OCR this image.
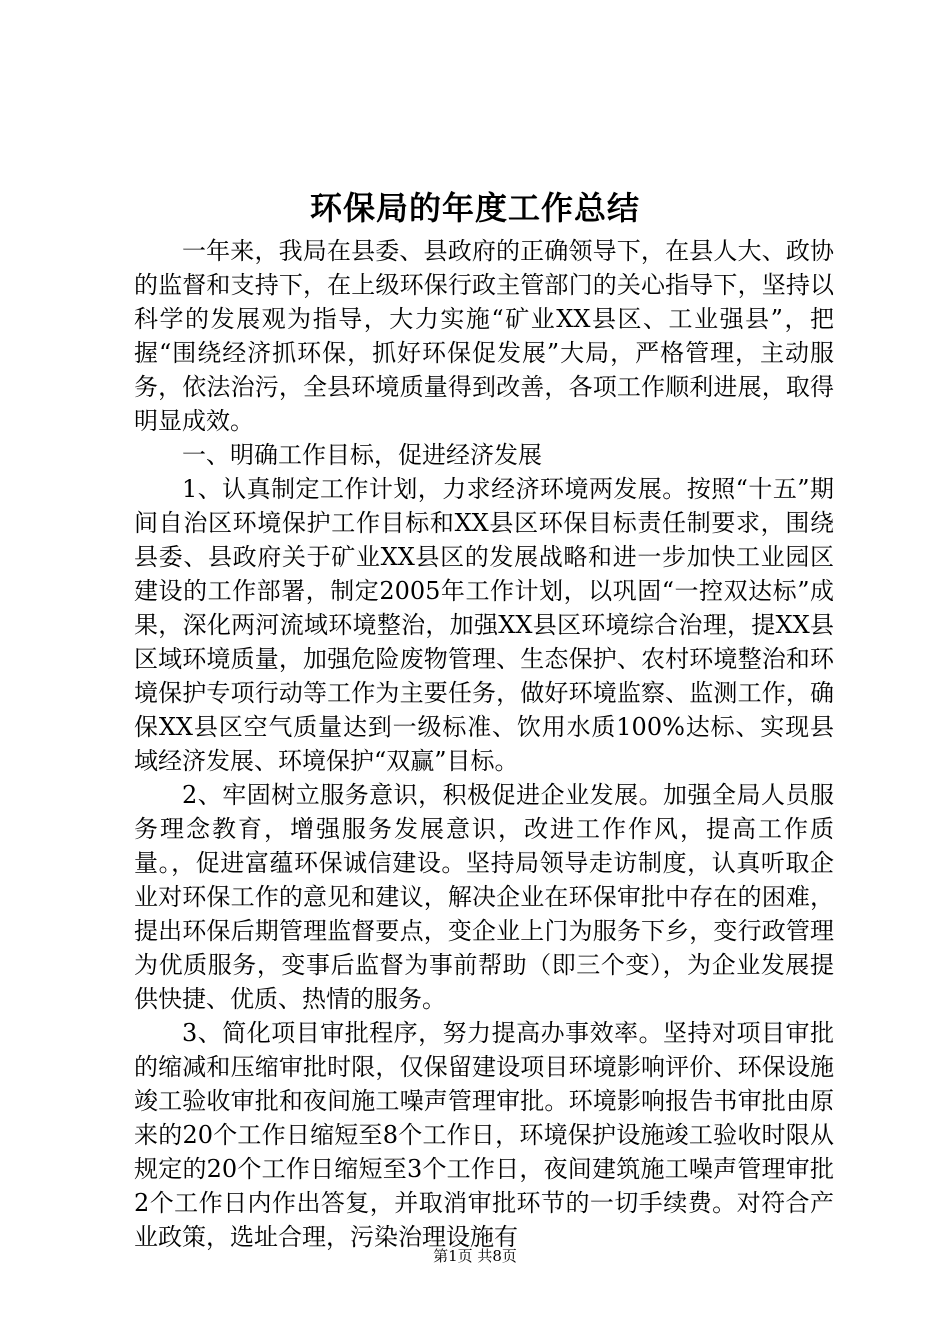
环保局的年度工作总结

一年来，我局在县委、县政府的正确领导下，在县人大、政协的监督和支持下，在上级环保行政主管部门的关心指导下，坚持以科学的发展观为指导，大力实施“矿业XX县区、工业强县”，把握“围绕经济抓环保，抓好环保促发展”大局，严格管理，主动服务，依法治污，全县环境质量得到改善，各项工作顺利进展，取得明显成效。

一、明确工作目标，促进经济发展

1、认真制定工作计划，力求经济环境两发展。按照“十五”期间自治区环境保护工作目标和XX县区环保目标责任制要求，围绕县委、县政府关于矿业XX县区的发展战略和进一步加快工业园区建设的工作部署，制定2005年工作计划，以巩固“一控双达标”成果，深化两河流域环境整治，加强XX县区环境综合治理，提XX县区域环境质量，加强危险废物管理、生态保护、农村环境整治和环境保护专项行动等工作为主要任务，做好环境监察、监测工作，确保XX县区空气质量达到一级标准、饮用水质100%达标、实现县域经济发展、环境保护“双赢”目标。

2、牢固树立服务意识，积极促进企业发展。加强全局人员服务理念教育，增强服务发展意识，改进工作作风，提高工作质量。，促进富蕴环保诚信建设。坚持局领导走访制度，认真听取企业对环保工作的意见和建议，解决企业在环保审批中存在的困难，提出环保后期管理监督要点，变企业上门为服务下乡，变行政管理为优质服务，变事后监督为事前帮助（即三个变），为企业发展提供快捷、优质、热情的服务。

3、简化项目审批程序，努力提高办事效率。坚持对项目审批的缩减和压缩审批时限，仅保留建设项目环境影响评价、环保设施竣工验收审批和夜间施工噪声管理审批。环境影响报告书审批由原来的20个工作日缩短至8个工作日，环境保护设施竣工验收时限从规定的20个工作日缩短至3个工作日，夜间建筑施工噪声管理审批2个工作日内作出答复，并取消审批环节的一切手续费。对符合产业政策，选址合理，污染治理设施有

第1页 共8页
